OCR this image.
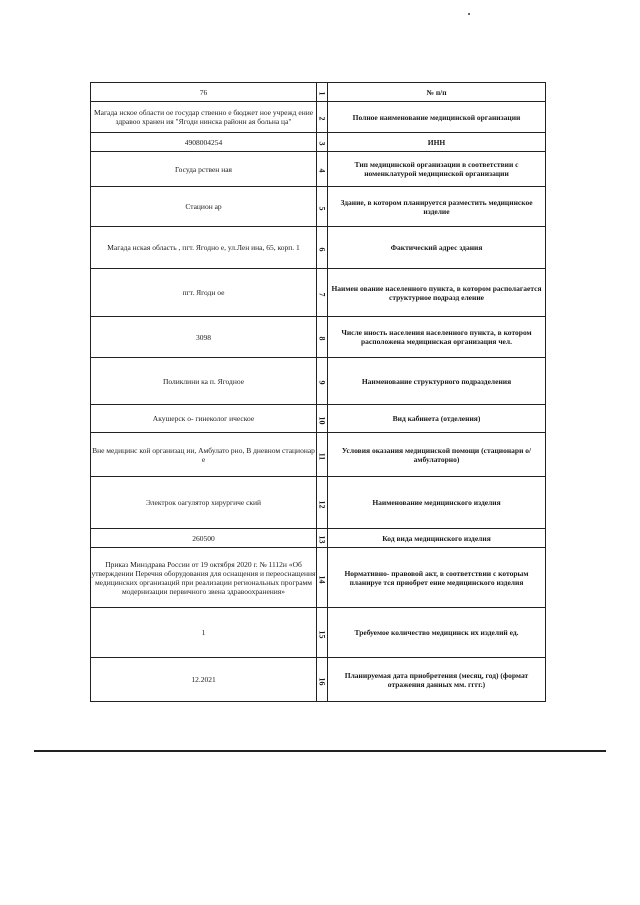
76	1	№ п/п
Магада нское области ое государ ственно е бюджет ное учрежд ение здравоо хранен ия "Ягоди нинска районн ая больна ца"	2	Полное наименование медицинской организации
4908004254	3	ИНН
Госуда рствен ная	4	Тип медицинской организации в соответствии с номенклатурой медицинской организации
Стацион ар	5	Здание, в котором планируется разместить медицинское изделие
Магада нская область , пгт. Ягодно е, ул.Лен ина, 65, корп. 1	6	Фактический адрес здания
пгт. Ягодн ое	7	Наимен ование населенного пункта, в котором располагается структурное подразд еление
3098	8	Числе нность населения населенного пункта, в котором расположена медицинская организация чел.
Поликлини ка п. Ягодное	9	Наименование структурного подразделения
Акушерск о- гинеколог ическое	10	Вид кабинета (отделения)
Вне медицинс кой организац ии, Амбулато рно, В дневном стационар е	11	Условия оказания медицинской помощи (стационари о/амбулаторно)
Электрок оагулятор хирургиче ский	12	Наименование медицинского изделия
260500	13	Код вида медицинского изделия
Приказ Минздрава России от 19 октября 2020 г. № 1112н «Об утверждении Перечня оборудования для оснащения и переоснащения медицинских организаций при реализации региональных программ модернизации первичного звена здравоохранения»	14	Нормативно- правовой акт, в соответствии с которым планируе тся приобрет ение медицинского изделия
1	15	Требуемое количество медицинск их изделий ед.
12.2021	16	Планируемая дата приобретения (месяц, год) (формат отражения данных мм. гггг.)
